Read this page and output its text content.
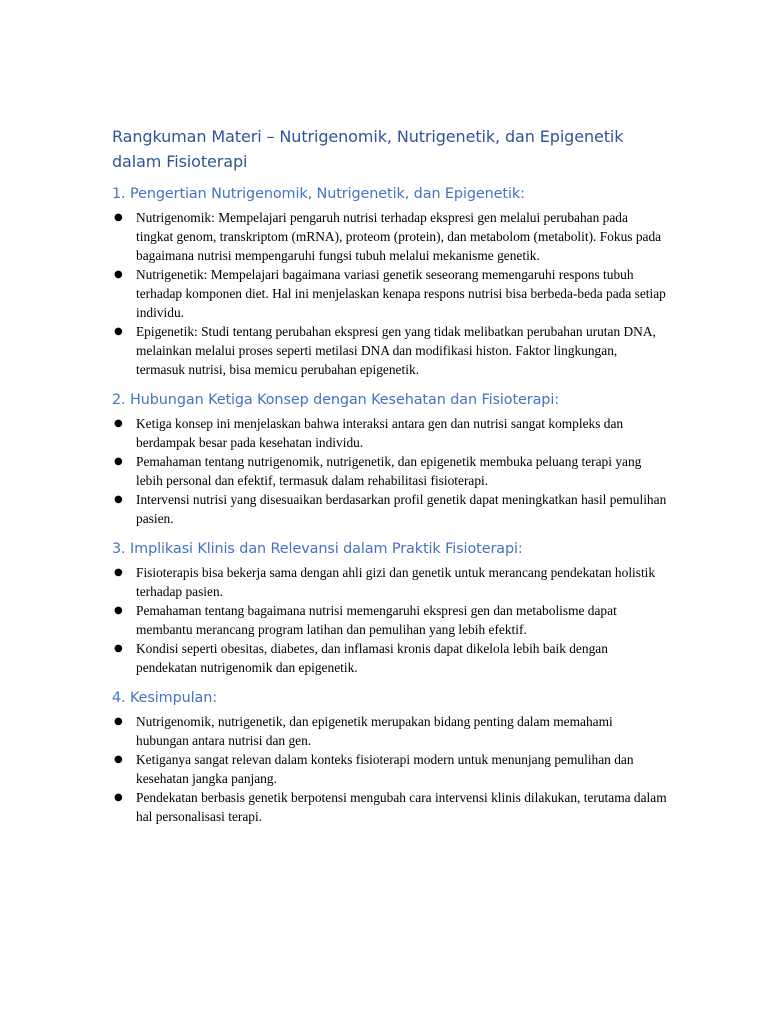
Rangkuman Materi – Nutrigenomik, Nutrigenetik, dan Epigenetik dalam Fisioterapi
1. Pengertian Nutrigenomik, Nutrigenetik, dan Epigenetik:
● Nutrigenomik: Mempelajari pengaruh nutrisi terhadap ekspresi gen melalui perubahan pada tingkat genom, transkriptom (mRNA), proteom (protein), dan metabolom (metabolit). Fokus pada bagaimana nutrisi mempengaruhi fungsi tubuh melalui mekanisme genetik.
● Nutrigenetik: Mempelajari bagaimana variasi genetik seseorang memengaruhi respons tubuh terhadap komponen diet. Hal ini menjelaskan kenapa respons nutrisi bisa berbeda-beda pada setiap individu.
● Epigenetik: Studi tentang perubahan ekspresi gen yang tidak melibatkan perubahan urutan DNA, melainkan melalui proses seperti metilasi DNA dan modifikasi histon. Faktor lingkungan, termasuk nutrisi, bisa memicu perubahan epigenetik.
2. Hubungan Ketiga Konsep dengan Kesehatan dan Fisioterapi:
● Ketiga konsep ini menjelaskan bahwa interaksi antara gen dan nutrisi sangat kompleks dan berdampak besar pada kesehatan individu.
● Pemahaman tentang nutrigenomik, nutrigenetik, dan epigenetik membuka peluang terapi yang lebih personal dan efektif, termasuk dalam rehabilitasi fisioterapi.
● Intervensi nutrisi yang disesuaikan berdasarkan profil genetik dapat meningkatkan hasil pemulihan pasien.
3. Implikasi Klinis dan Relevansi dalam Praktik Fisioterapi:
● Fisioterapis bisa bekerja sama dengan ahli gizi dan genetik untuk merancang pendekatan holistik terhadap pasien.
● Pemahaman tentang bagaimana nutrisi memengaruhi ekspresi gen dan metabolisme dapat membantu merancang program latihan dan pemulihan yang lebih efektif.
● Kondisi seperti obesitas, diabetes, dan inflamasi kronis dapat dikelola lebih baik dengan pendekatan nutrigenomik dan epigenetik.
4. Kesimpulan:
● Nutrigenomik, nutrigenetik, dan epigenetik merupakan bidang penting dalam memahami hubungan antara nutrisi dan gen.
● Ketiganya sangat relevan dalam konteks fisioterapi modern untuk menunjang pemulihan dan kesehatan jangka panjang.
● Pendekatan berbasis genetik berpotensi mengubah cara intervensi klinis dilakukan, terutama dalam hal personalisasi terapi.
